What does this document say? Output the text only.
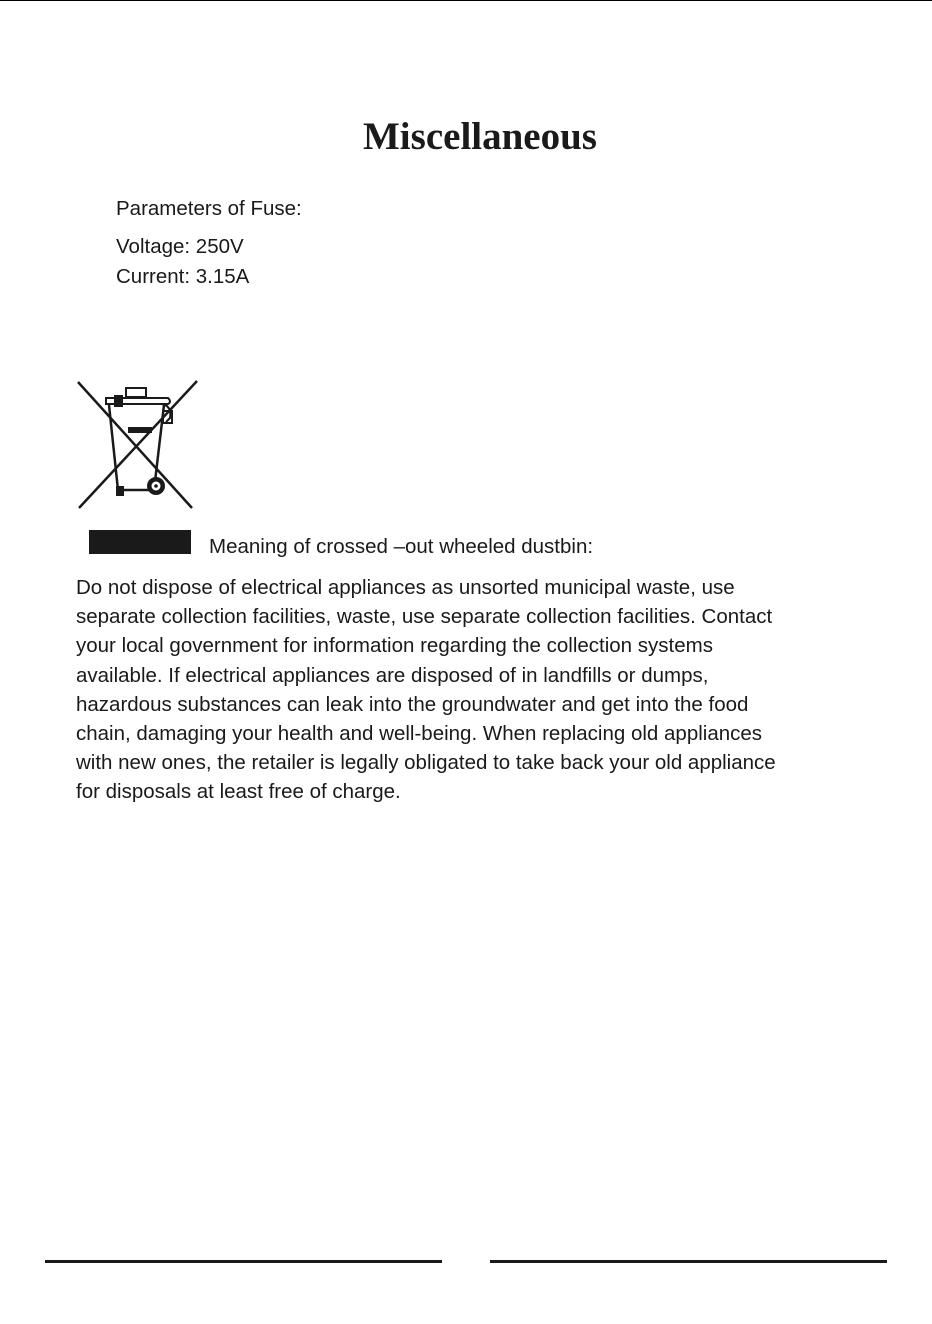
Miscellaneous
Parameters of Fuse:
Voltage: 250V
Current: 3.15A
Meaning of crossed –out wheeled dustbin:
Do not dispose of electrical appliances as unsorted municipal waste, use
separate collection facilities, waste, use separate collection facilities. Contact
your local government for information regarding the collection systems
available. If electrical appliances are disposed of in landfills or dumps,
hazardous substances can leak into the groundwater and get into the food
chain, damaging your health and well-being. When replacing old appliances
with new ones, the retailer is legally obligated to take back your old appliance
for disposals at least free of charge.
